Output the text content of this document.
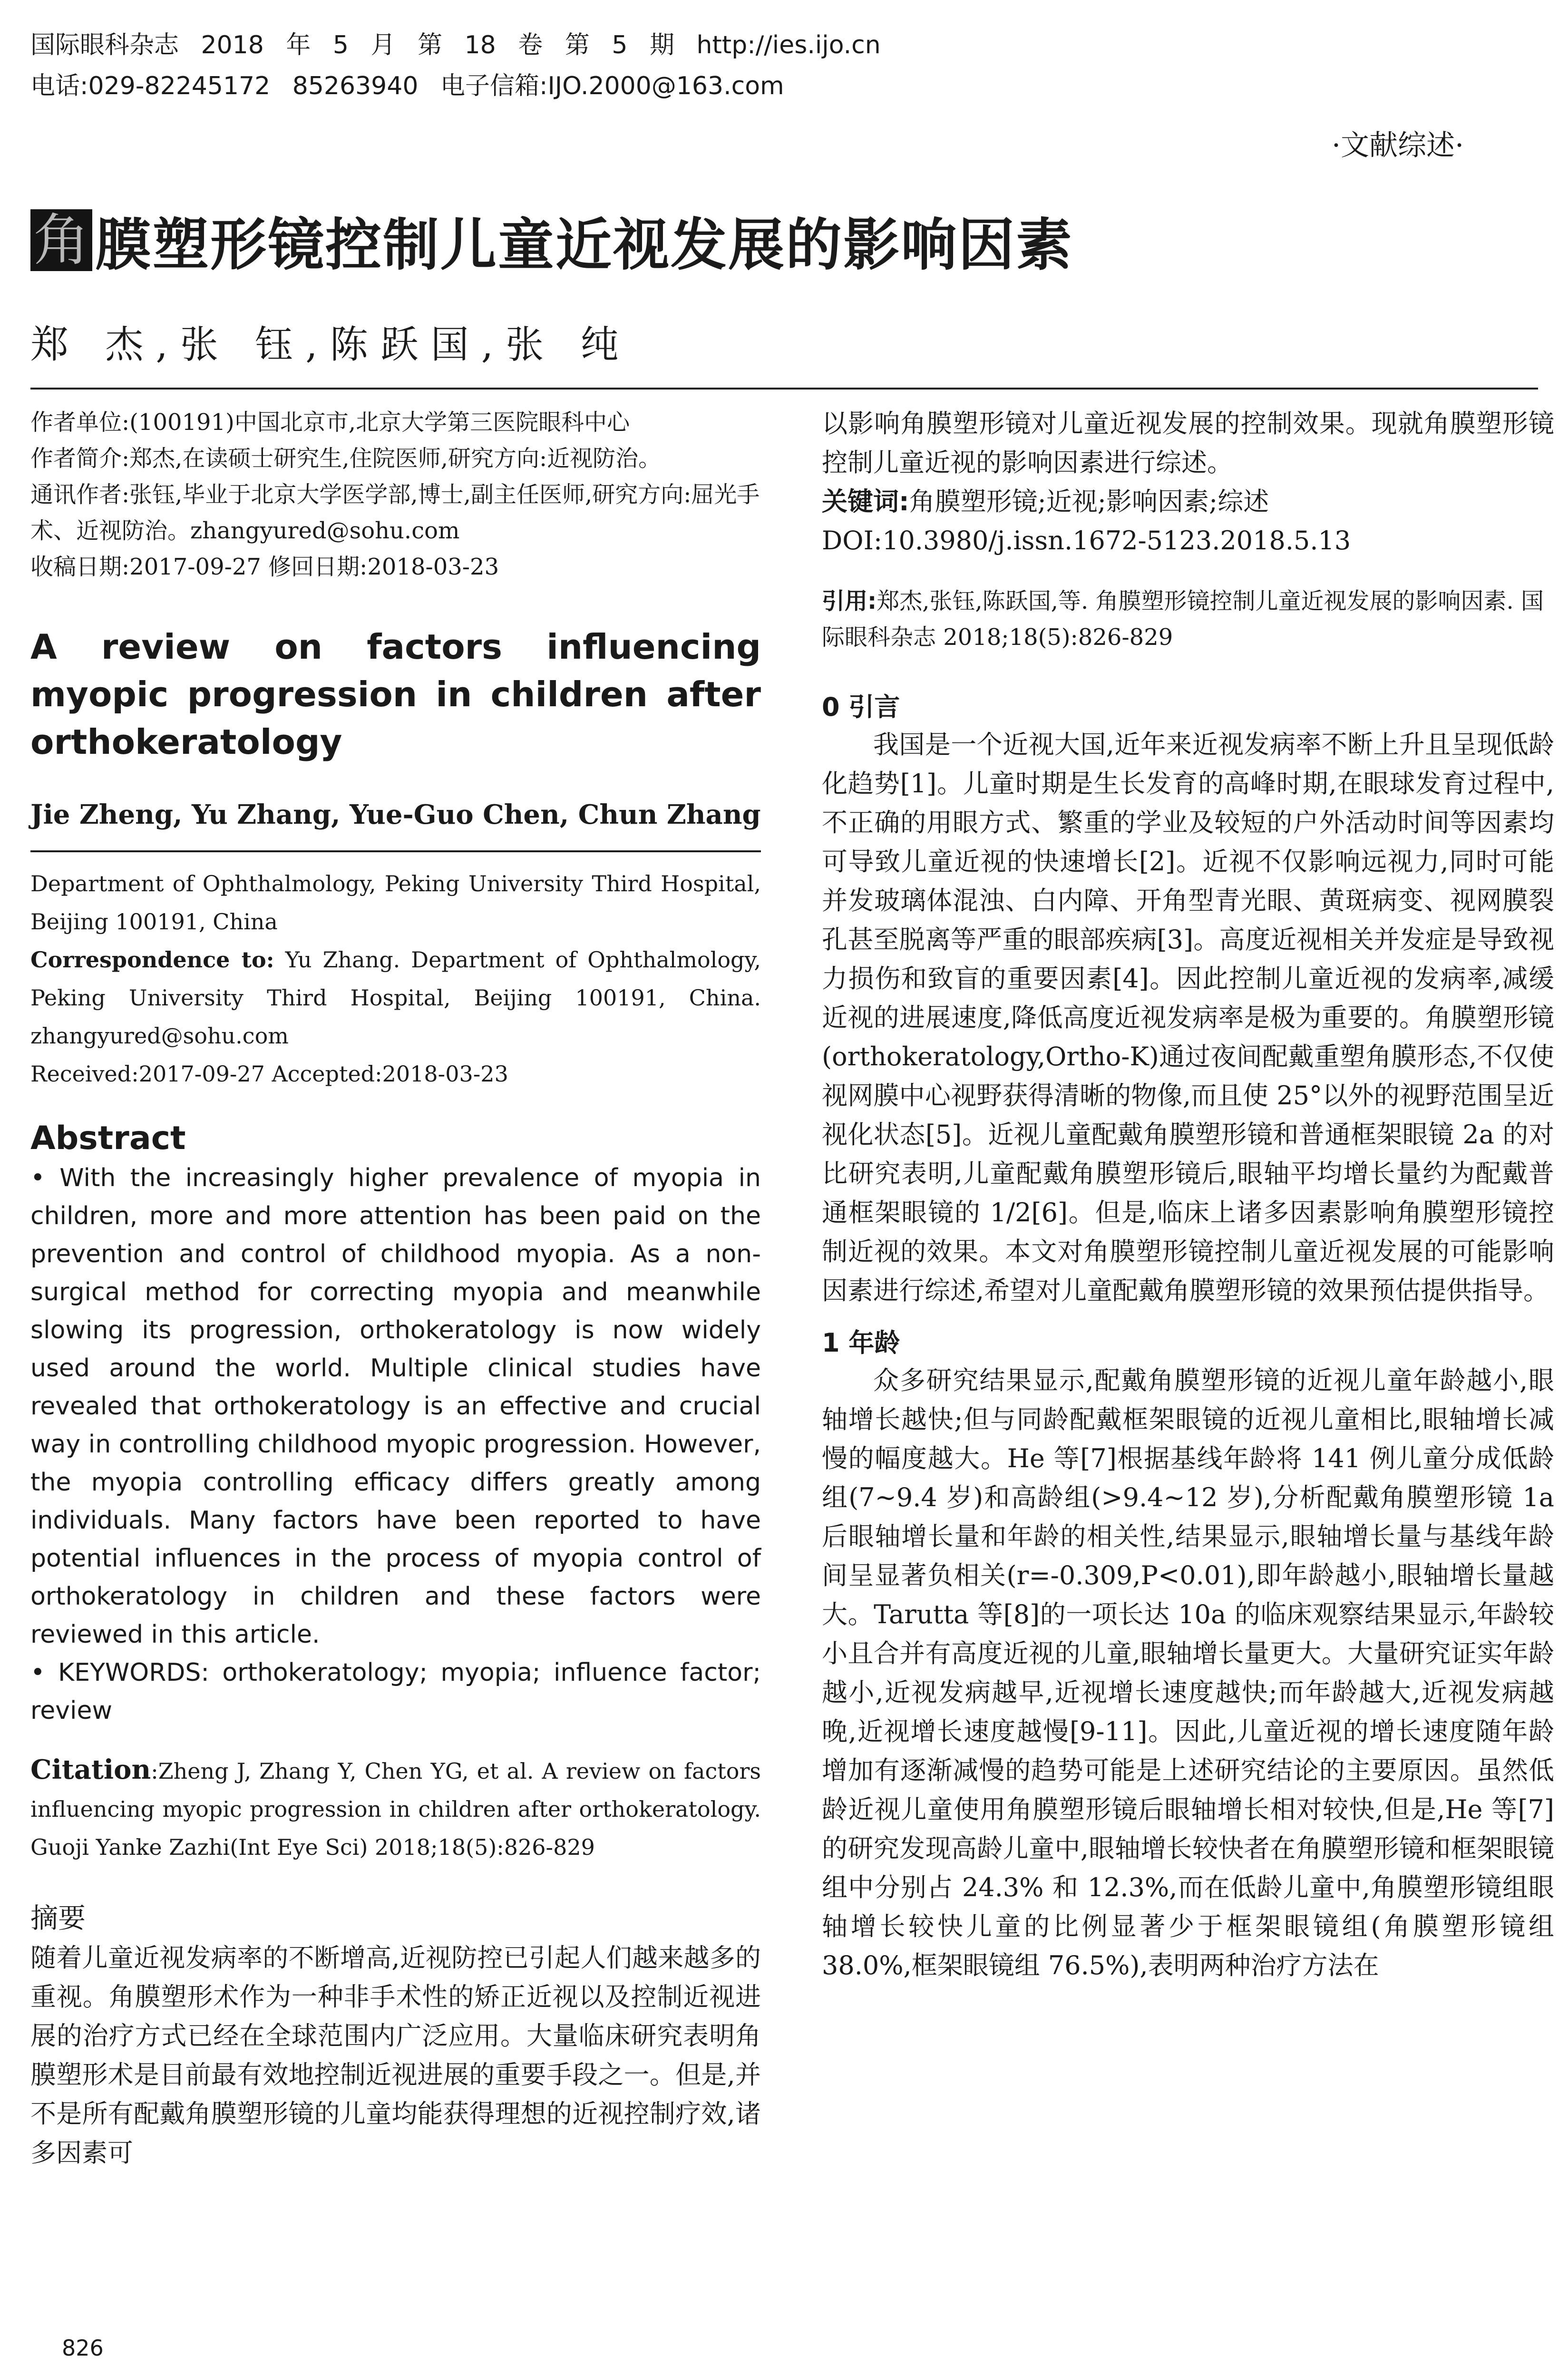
国际眼科杂志 2018 年 5 月 第 18 卷 第 5 期 http://ies.ijo.cn
电话:029-82245172 85263940 电子信箱:IJO.2000@163.com
·文献综述·
角 膜塑形镜控制儿童近视发展的影响因素
郑 杰,张 钰,陈跃国,张 纯

作者单位:(100191)中国北京市,北京大学第三医院眼科中心

作者简介:郑杰,在读硕士研究生,住院医师,研究方向:近视防治。

通讯作者:张钰,毕业于北京大学医学部,博士,副主任医师,研究方向:屈光手术、近视防治。zhangyured@sohu.com

收稿日期:2017-09-27 修回日期:2018-03-23

A review on factors influencing myopic progression in children after orthokeratology

Jie Zheng, Yu Zhang, Yue-Guo Chen, Chun Zhang

Department of Ophthalmology, Peking University Third Hospital, Beijing 100191, China

Correspondence to: Yu Zhang. Department of Ophthalmology, Peking University Third Hospital, Beijing 100191, China. zhangyured@sohu.com

Received:2017-09-27 Accepted:2018-03-23

Abstract

• With the increasingly higher prevalence of myopia in children, more and more attention has been paid on the prevention and control of childhood myopia. As a non-surgical method for correcting myopia and meanwhile slowing its progression, orthokeratology is now widely used around the world. Multiple clinical studies have revealed that orthokeratology is an effective and crucial way in controlling childhood myopic progression. However, the myopia controlling efficacy differs greatly among individuals. Many factors have been reported to have potential influences in the process of myopia control of orthokeratology in children and these factors were reviewed in this article.

• KEYWORDS: orthokeratology; myopia; influence factor; review

Citation:Zheng J, Zhang Y, Chen YG, et al. A review on factors influencing myopic progression in children after orthokeratology. Guoji Yanke Zazhi(Int Eye Sci) 2018;18(5):826-829

摘要

随着儿童近视发病率的不断增高,近视防控已引起人们越来越多的重视。角膜塑形术作为一种非手术性的矫正近视以及控制近视进展的治疗方式已经在全球范围内广泛应用。大量临床研究表明角膜塑形术是目前最有效地控制近视进展的重要手段之一。但是,并不是所有配戴角膜塑形镜的儿童均能获得理想的近视控制疗效,诸多因素可

以影响角膜塑形镜对儿童近视发展的控制效果。现就角膜塑形镜控制儿童近视的影响因素进行综述。

关键词:角膜塑形镜;近视;影响因素;综述

DOI:10.3980/j.issn.1672-5123.2018.5.13

引用:郑杰,张钰,陈跃国,等. 角膜塑形镜控制儿童近视发展的影响因素. 国际眼科杂志 2018;18(5):826-829

0 引言

我国是一个近视大国,近年来近视发病率不断上升且呈现低龄化趋势[1]。儿童时期是生长发育的高峰时期,在眼球发育过程中,不正确的用眼方式、繁重的学业及较短的户外活动时间等因素均可导致儿童近视的快速增长[2]。近视不仅影响远视力,同时可能并发玻璃体混浊、白内障、开角型青光眼、黄斑病变、视网膜裂孔甚至脱离等严重的眼部疾病[3]。高度近视相关并发症是导致视力损伤和致盲的重要因素[4]。因此控制儿童近视的发病率,减缓近视的进展速度,降低高度近视发病率是极为重要的。角膜塑形镜(orthokeratology,Ortho-K)通过夜间配戴重塑角膜形态,不仅使视网膜中心视野获得清晰的物像,而且使 25°以外的视野范围呈近视化状态[5]。近视儿童配戴角膜塑形镜和普通框架眼镜 2a 的对比研究表明,儿童配戴角膜塑形镜后,眼轴平均增长量约为配戴普通框架眼镜的 1/2[6]。但是,临床上诸多因素影响角膜塑形镜控制近视的效果。本文对角膜塑形镜控制儿童近视发展的可能影响因素进行综述,希望对儿童配戴角膜塑形镜的效果预估提供指导。

1 年龄

众多研究结果显示,配戴角膜塑形镜的近视儿童年龄越小,眼轴增长越快;但与同龄配戴框架眼镜的近视儿童相比,眼轴增长减慢的幅度越大。He 等[7]根据基线年龄将 141 例儿童分成低龄组(7~9.4 岁)和高龄组(>9.4~12 岁),分析配戴角膜塑形镜 1a 后眼轴增长量和年龄的相关性,结果显示,眼轴增长量与基线年龄间呈显著负相关(r=-0.309,P<0.01),即年龄越小,眼轴增长量越大。Tarutta 等[8]的一项长达 10a 的临床观察结果显示,年龄较小且合并有高度近视的儿童,眼轴增长量更大。大量研究证实年龄越小,近视发病越早,近视增长速度越快;而年龄越大,近视发病越晚,近视增长速度越慢[9-11]。因此,儿童近视的增长速度随年龄增加有逐渐减慢的趋势可能是上述研究结论的主要原因。虽然低龄近视儿童使用角膜塑形镜后眼轴增长相对较快,但是,He 等[7]的研究发现高龄儿童中,眼轴增长较快者在角膜塑形镜和框架眼镜组中分别占 24.3% 和 12.3%,而在低龄儿童中,角膜塑形镜组眼轴增长较快儿童的比例显著少于框架眼镜组(角膜塑形镜组 38.0%,框架眼镜组 76.5%),表明两种治疗方法在

826
